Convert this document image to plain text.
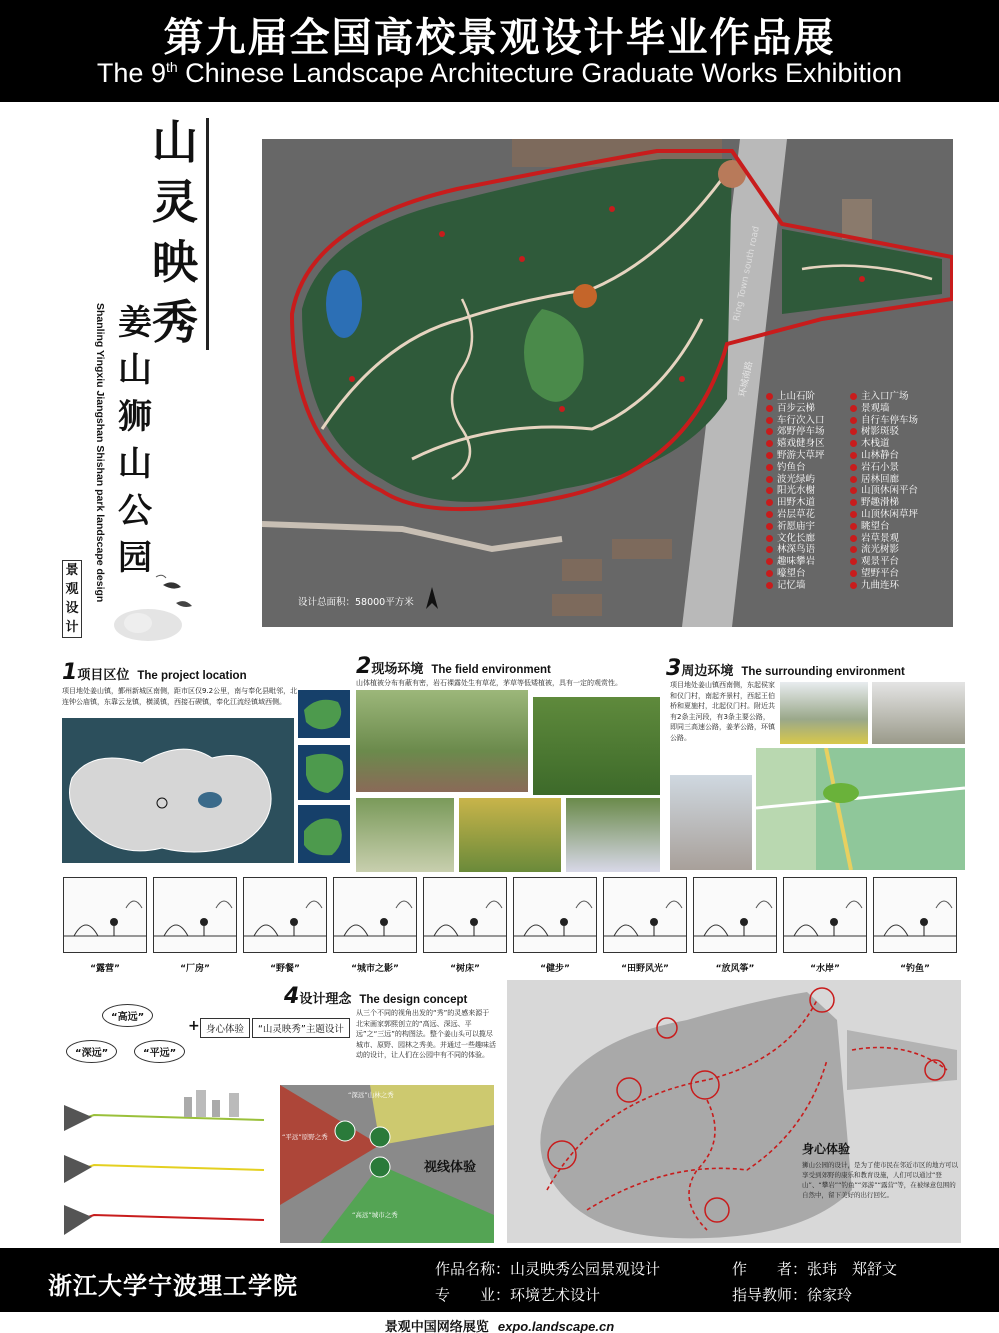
第九届全国高校景观设计毕业作品展
The 9th Chinese Landscape Architecture Graduate Works Exhibition
山
灵
映
秀
姜
山
狮
山
公
园
Shanling Yingxiu Jiangshan Shishan park landscape design
景
观
设
计
设计总面积：58000平方米
Ring Town south road
环城南路	上山石阶
百步云梯
车行次入口
郊野停车场
嬉戏健身区
野游大草坪
钓鱼台
波光绿屿
阳光水榭
田野木道
岩层草花
祈愿庙宇
文化长廊
林深鸟语
趣味攀岩
嚎望台
记忆墙
主入口广场
景观墙
自行车停车场
树影斑驳
木栈道
山林静台
岩石小景
居林回廊
山顶休闲平台
野趣滑梯
山顶休闲草坪
眺望台
岩草景观
流光树影
观景平台
望野平台
九曲连环
1项目区位 The project location
项目地处姜山镇，鄞州新城区南侧，距市区仅9.2公里，南与奉化县毗邻，北连钟公庙镇，东靠云龙镇，横溪镇，西接石碶镇，奉化江流经镇域西侧。
2现场环境 The field environment
山体植被分布有蔽有密，岩石裸露处生有草花，茅草等低矮植被，具有一定的观赏性。
3周边环境 The surrounding environment
项目地处姜山镇西南侧，东起侯家和仪门村，南起齐景村，西起王伯桥和夏施村，北起仪门村。附近共有2条主河段，有3条主要公路，即同三高速公路，姜茅公路，环镇公路。
“露营”	“厂房”	“野餐”	“城市之影”	“树床”	“健步”	“田野风光”	“放风筝”	“水岸”	“钓鱼”
4设计理念 The design concept
从三个不同的视角出发的“秀”的灵感来源于北宋画家郭熙创立的“高远、深远、平远”之“三远”的构图法。整个姜山头可以揽尽城市、原野、园林之秀美。并通过一些趣味活动的设计，让人们在公园中有不同的体验。
“高远”
“深远”	“平远”
+ 身心体验	“山灵映秀”主题设计
“深远”山林之秀
“平远”原野之秀
“高远”城市之秀
视线体验
身心体验
狮山公园的设计，是为了使市民在邻近市区的地方可以享受到郊野的康乐和教育设施，人们可以通过“登山”、“攀岩”“钓鱼”“郊游”“露营”等，在被绿意包围的自然中，留下美好的出行回忆。
浙江大学宁波理工学院
作品名称：山灵映秀公园景观设计	作　　者：张玮　郑舒文
专　　业：环境艺术设计	指导教师：徐家玲
景观中国网络展览 expo.landscape.cn
